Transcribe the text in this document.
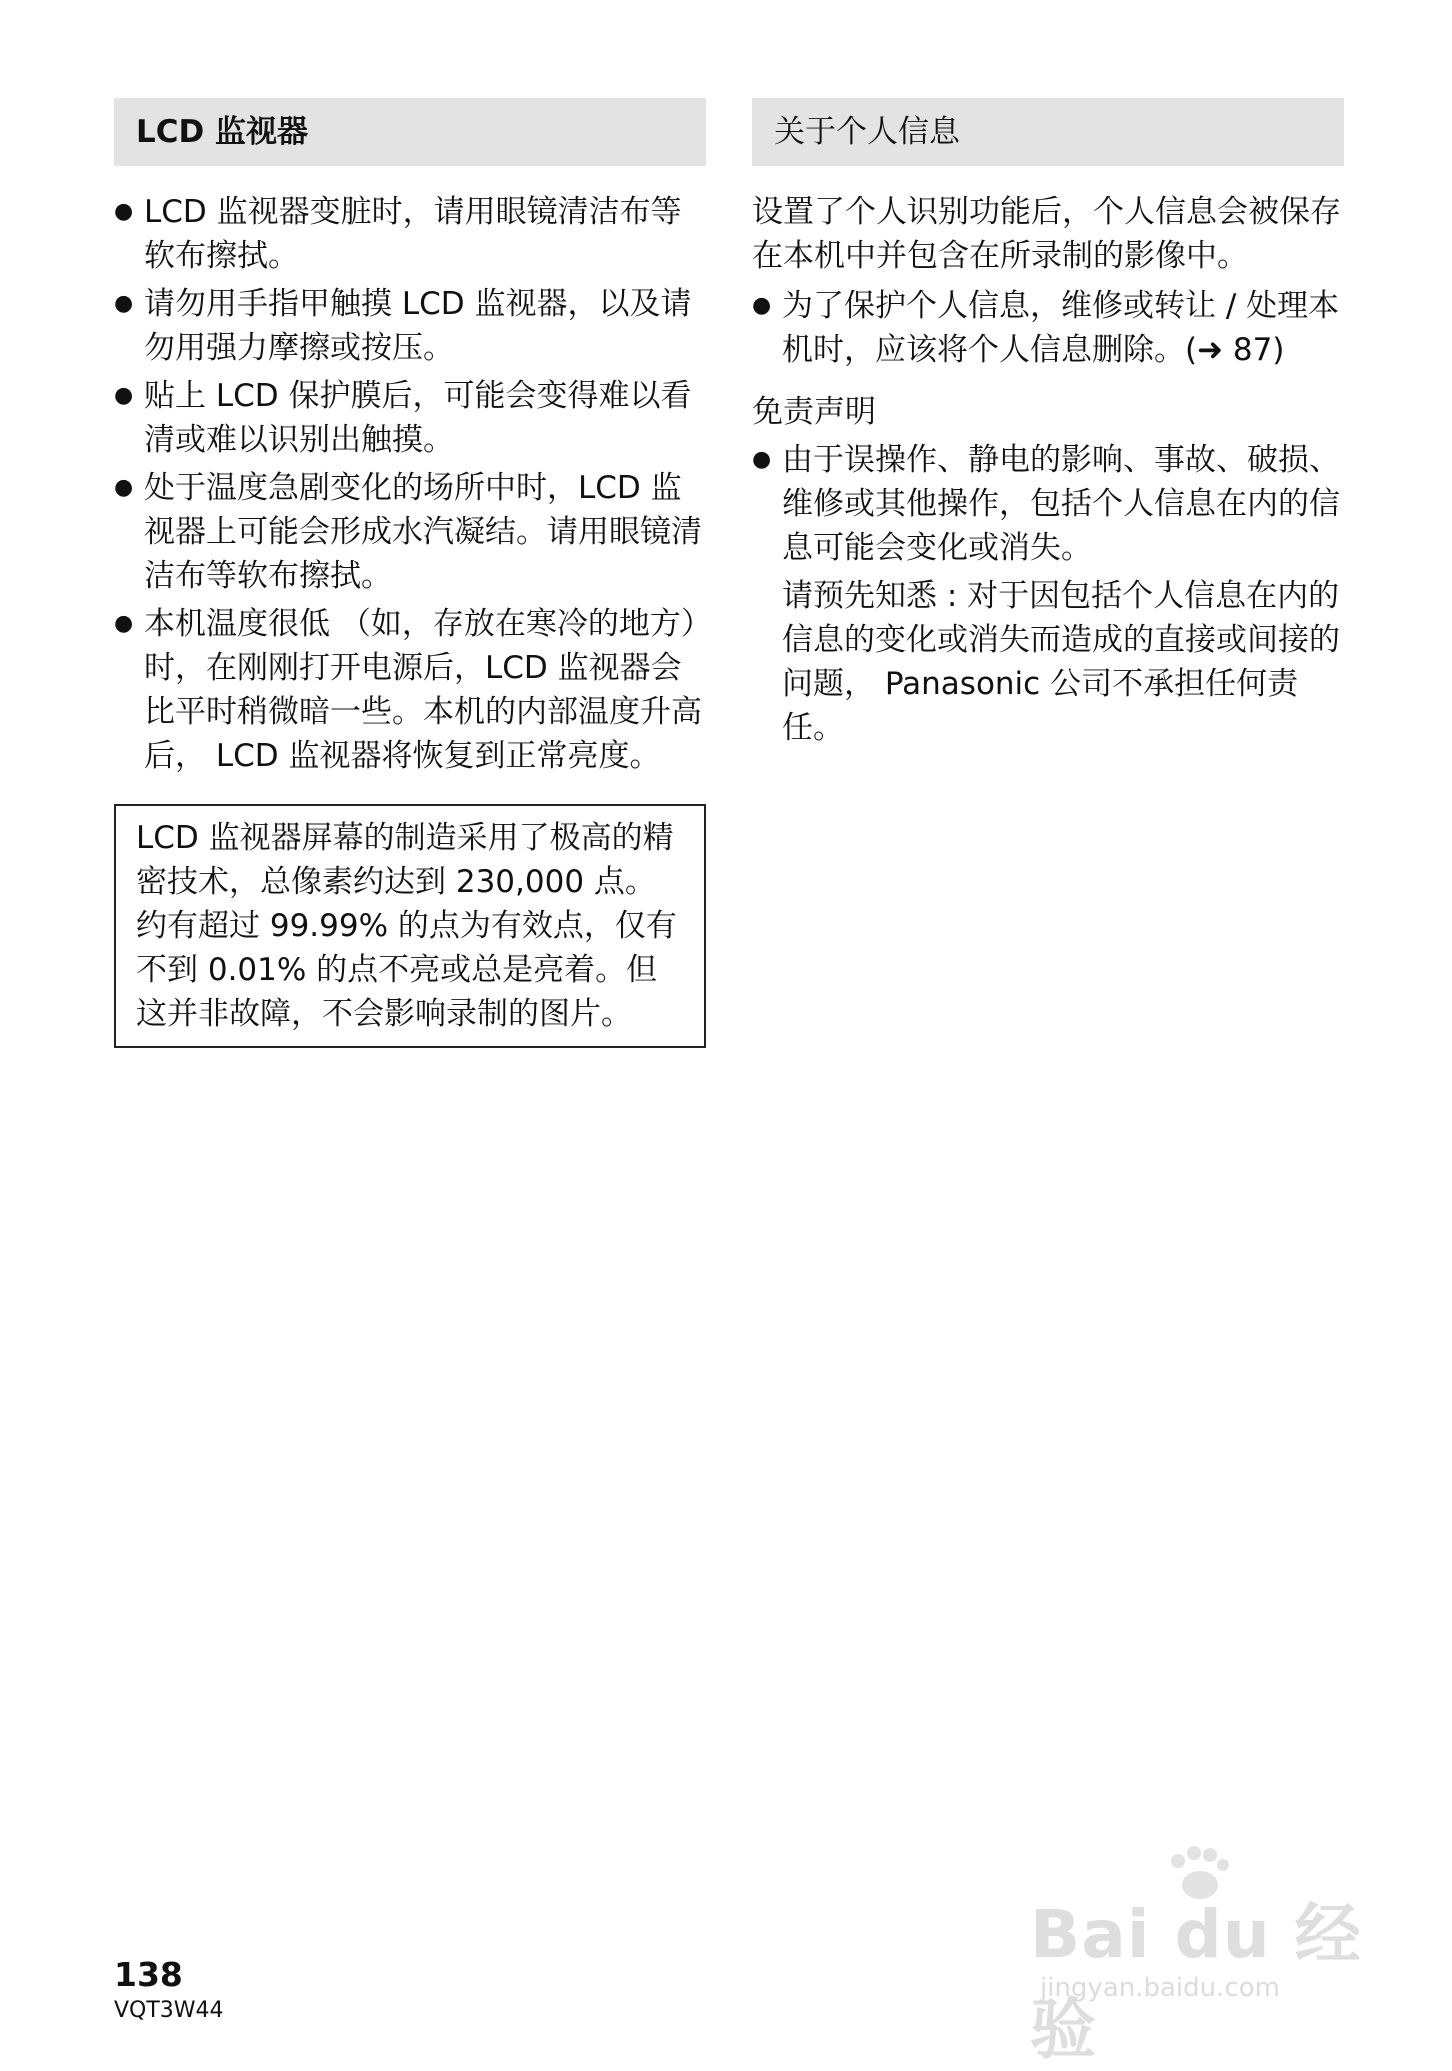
LCD 监视器
● LCD 监视器变脏时，请用眼镜清洁布等软布擦拭。
● 请勿用手指甲触摸 LCD 监视器，以及请勿用强力摩擦或按压。
● 贴上 LCD 保护膜后，可能会变得难以看清或难以识别出触摸。
● 处于温度急剧变化的场所中时，LCD 监视器上可能会形成水汽凝结。请用眼镜清洁布等软布擦拭。
● 本机温度很低 （如，存放在寒冷的地方）时，在刚刚打开电源后，LCD 监视器会比平时稍微暗一些。本机的内部温度升高后， LCD 监视器将恢复到正常亮度。
LCD 监视器屏幕的制造采用了极高的精密技术，总像素约达到 230,000 点。约有超过 99.99% 的点为有效点，仅有不到 0.01% 的点不亮或总是亮着。但这并非故障，不会影响录制的图片。
关于个人信息

设置了个人识别功能后，个人信息会被保存在本机中并包含在所录制的影像中。

● 为了保护个人信息，维修或转让 / 处理本机时，应该将个人信息删除。(➜ 87)
免责声明
● 由于误操作、静电的影响、事故、破损、维修或其他操作，包括个人信息在内的信息可能会变化或消失。

请预先知悉 : 对于因包括个人信息在内的信息的变化或消失而造成的直接或间接的问题， Panasonic 公司不承担任何责任。

138
VQT3W44
Bai du 经验
jingyan.baidu.com
